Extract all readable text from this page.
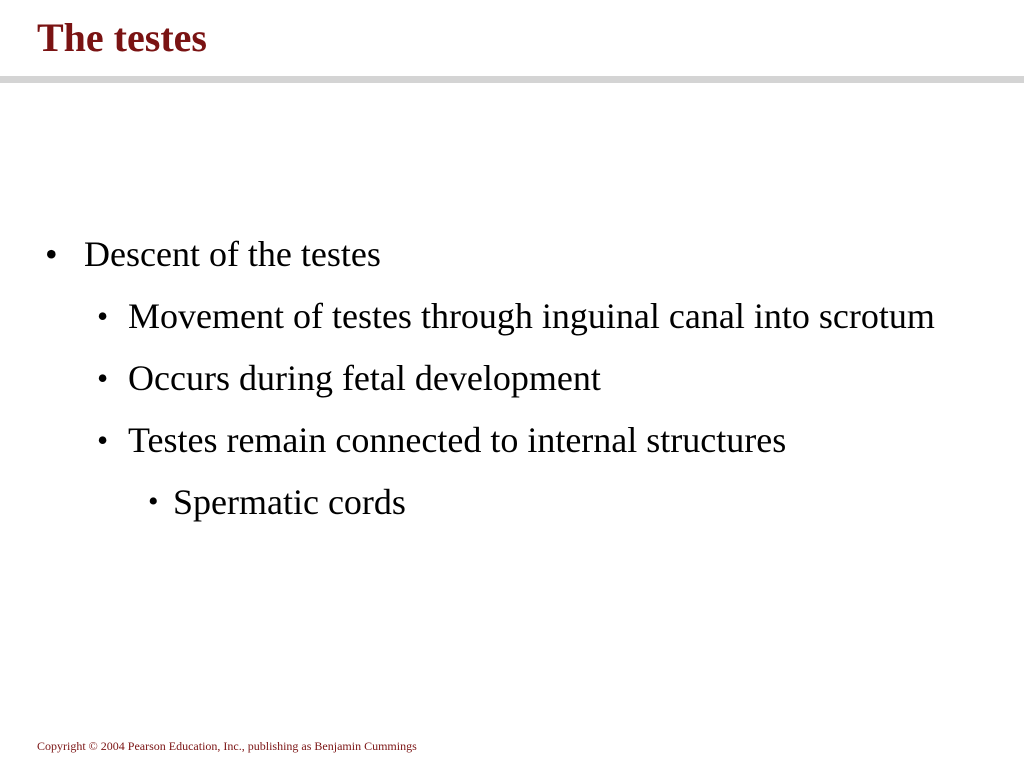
The testes
• Descent of the testes
• Movement of testes through inguinal canal into scrotum
• Occurs during fetal development
• Testes remain connected to internal structures
• Spermatic cords

Copyright © 2004 Pearson Education, Inc., publishing as Benjamin Cummings
